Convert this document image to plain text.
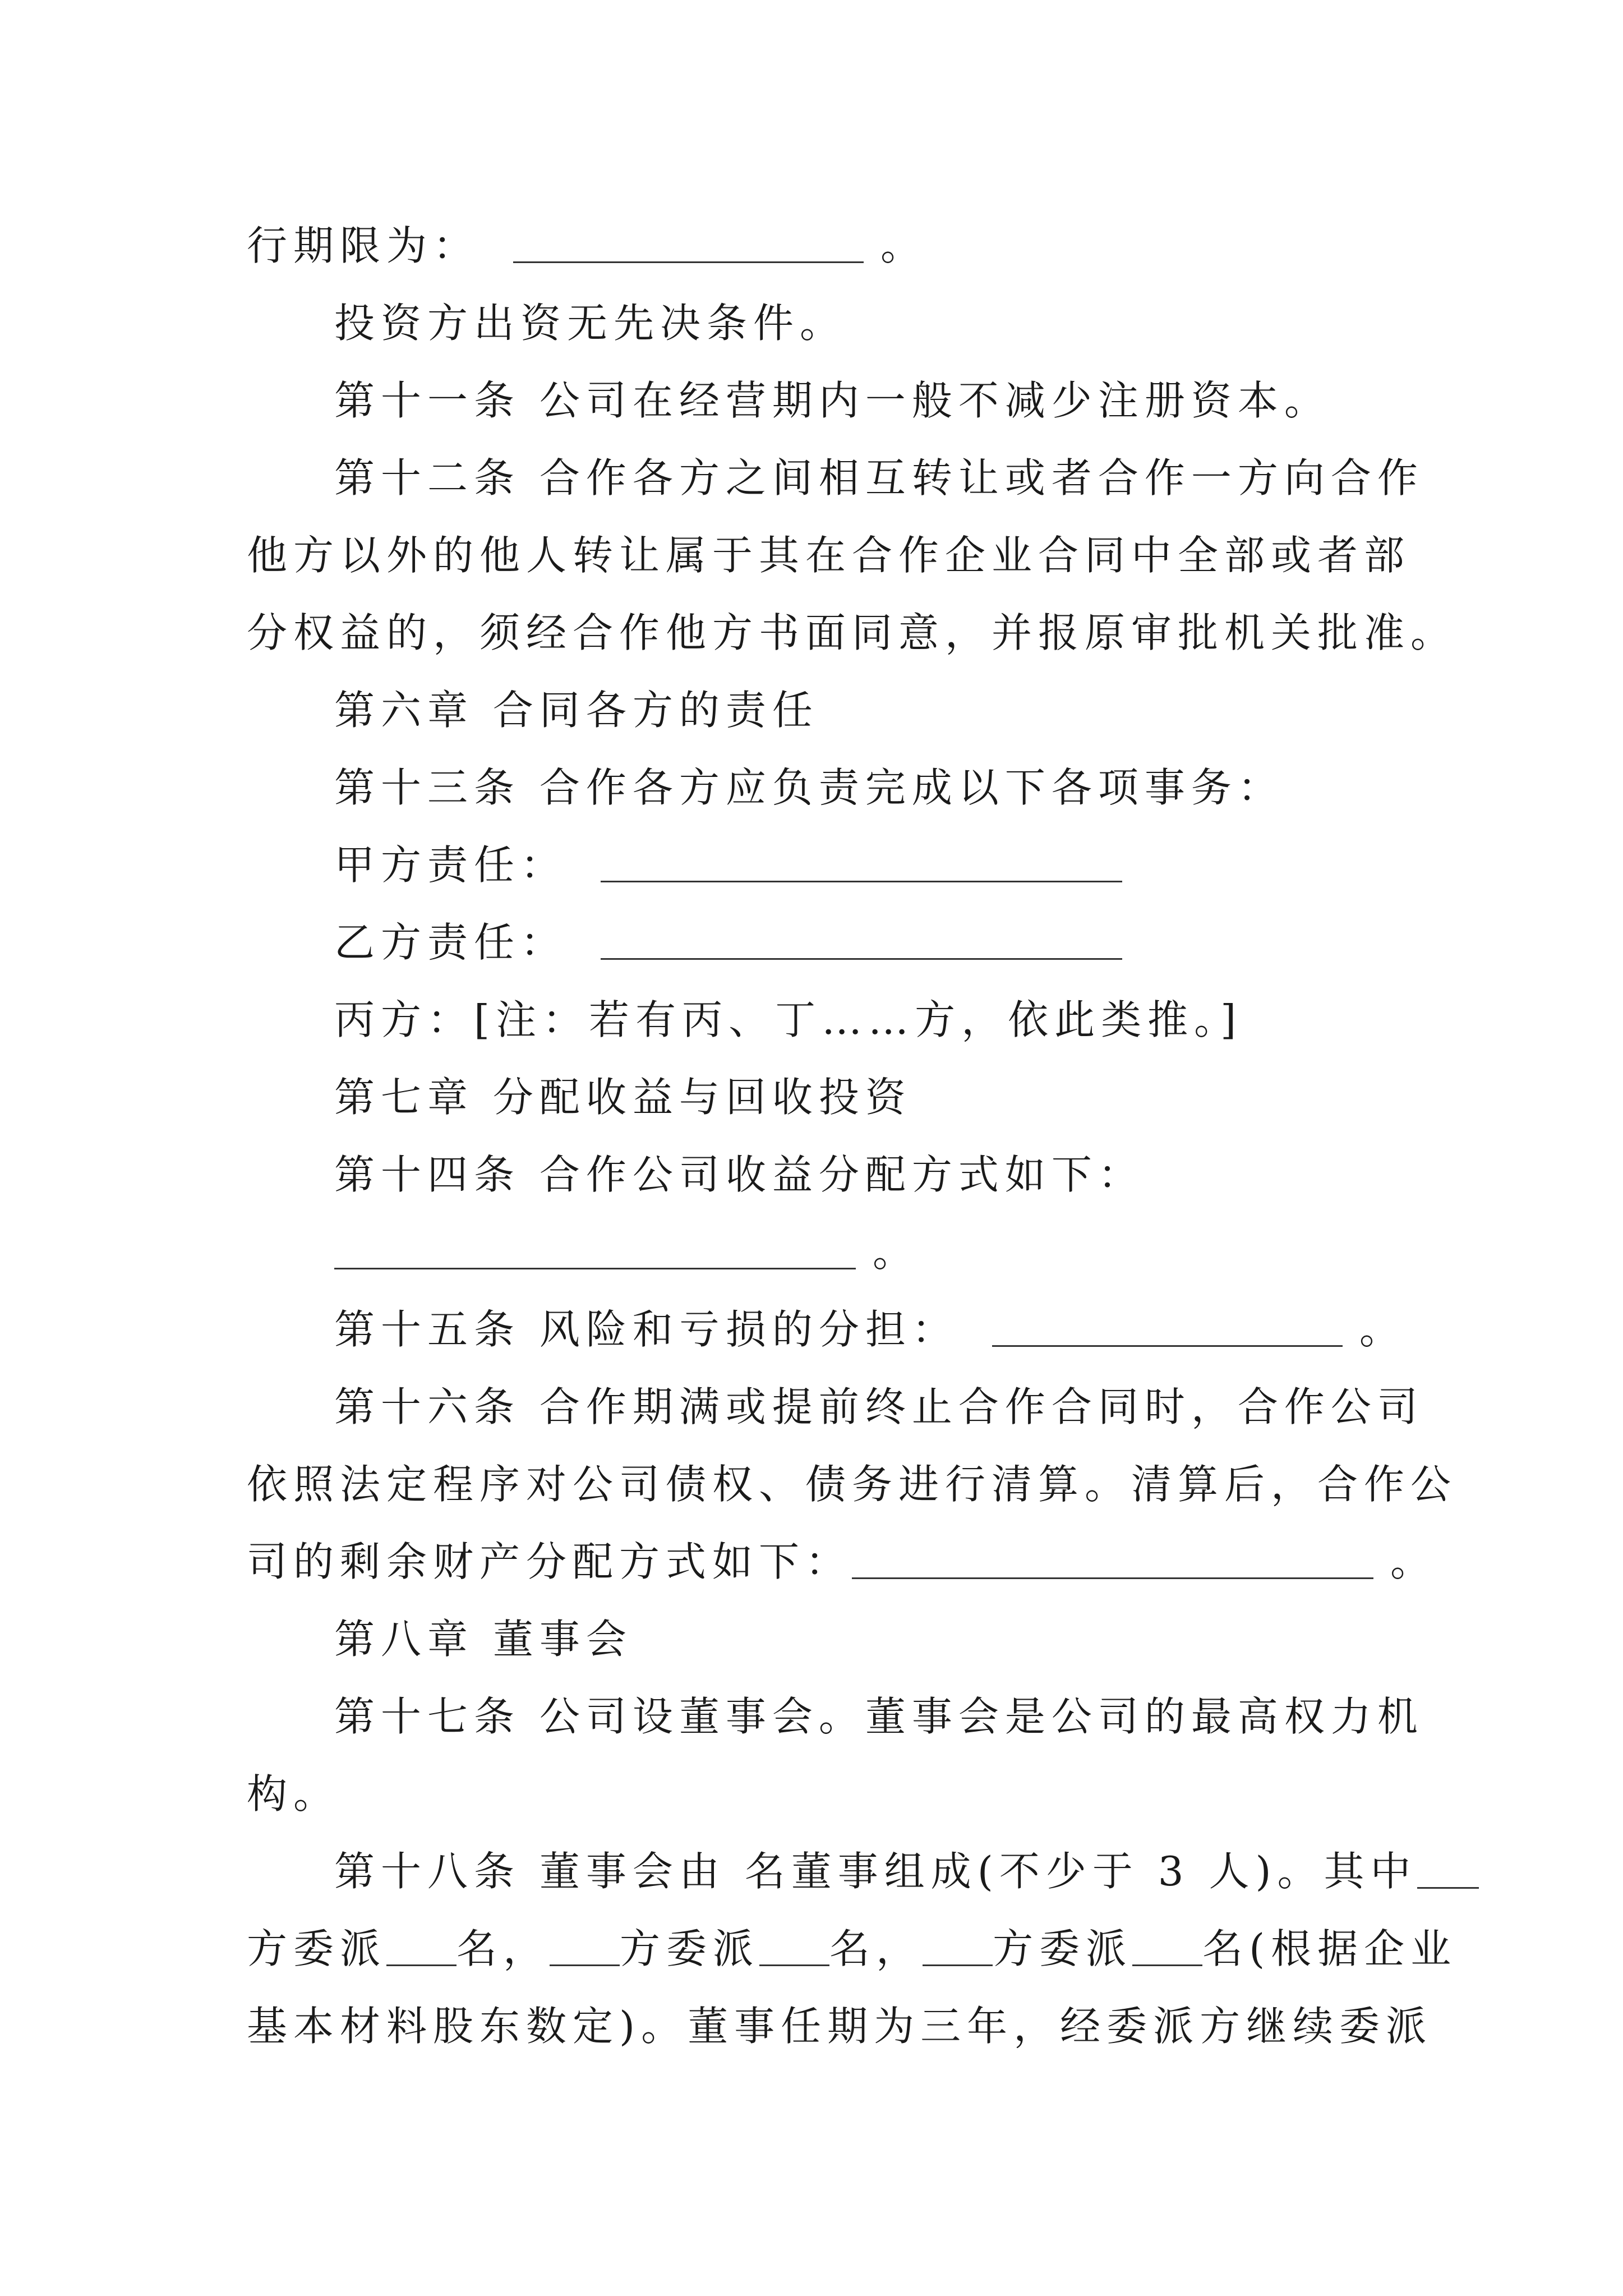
行期限为：	。
投资方出资无先决条件。
第十一条 公司在经营期内一般不减少注册资本。
第十二条 合作各方之间相互转让或者合作一方向合作
他方以外的他人转让属于其在合作企业合同中全部或者部
分权益的，须经合作他方书面同意，并报原审批机关批准。
第六章 合同各方的责任
第十三条 合作各方应负责完成以下各项事务：
甲方责任：
乙方责任：
丙方：[注：若有丙、丁……方，依此类推。]
第七章 分配收益与回收投资
第十四条 合作公司收益分配方式如下：
。
第十五条 风险和亏损的分担：	。
第十六条 合作期满或提前终止合作合同时，合作公司
依照法定程序对公司债权、债务进行清算。清算后，合作公
司的剩余财产分配方式如下：	。
第八章 董事会
第十七条 公司设董事会。董事会是公司的最高权力机
构。
第十八条 董事会由 名董事组成(不少于 3 人)。其中
方委派 名， 方委派 名， 方委派 名(根据企业
基本材料股东数定)。董事任期为三年，经委派方继续委派
